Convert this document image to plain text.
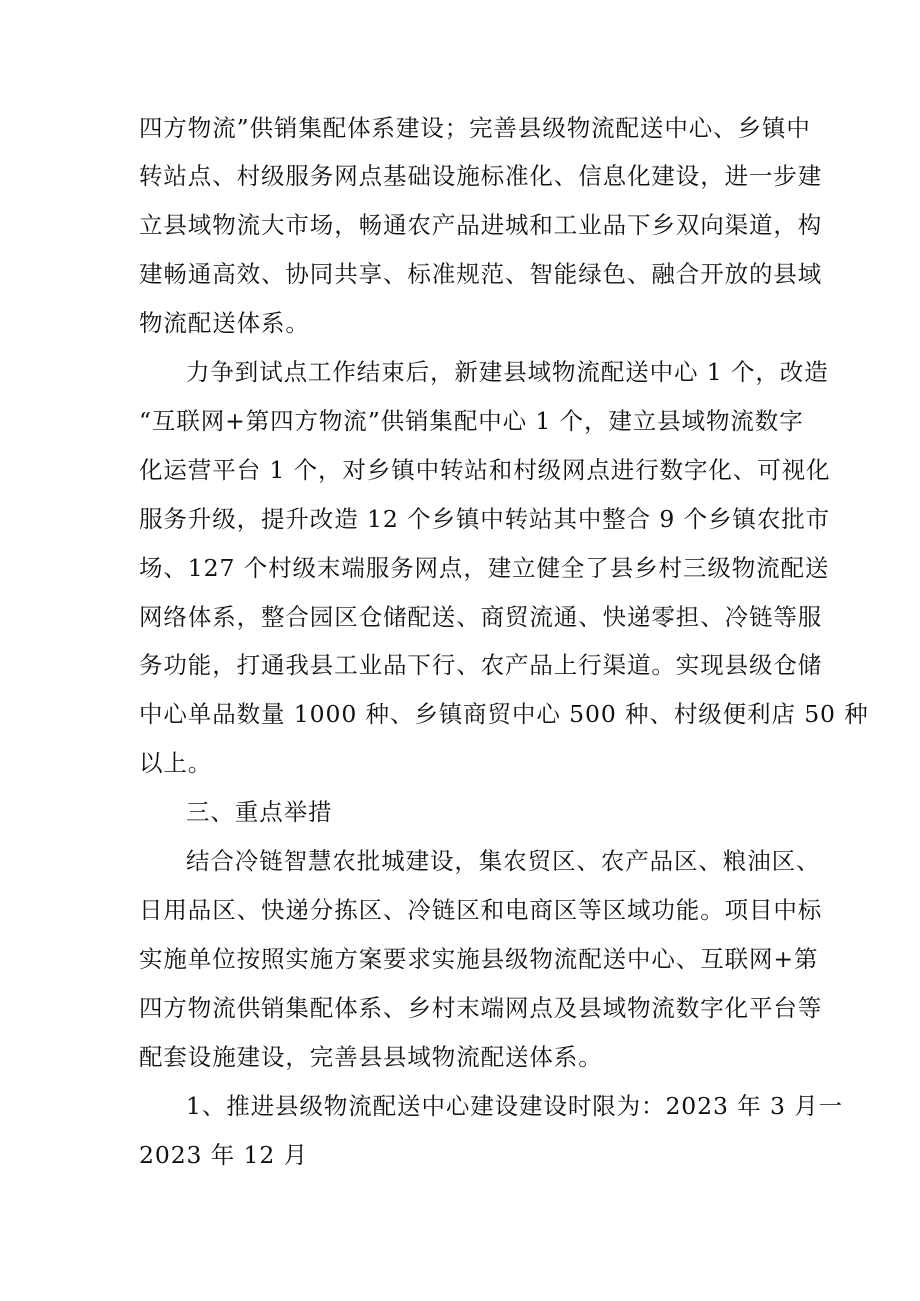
四方物流”供销集配体系建设；完善县级物流配送中心、乡镇中
转站点、村级服务网点基础设施标准化、信息化建设，进一步建
立县域物流大市场，畅通农产品进城和工业品下乡双向渠道，构
建畅通高效、协同共享、标准规范、智能绿色、融合开放的县域
物流配送体系。
力争到试点工作结束后，新建县域物流配送中心 1 个，改造
“互联网+第四方物流”供销集配中心 1 个，建立县域物流数字
化运营平台 1 个，对乡镇中转站和村级网点进行数字化、可视化
服务升级，提升改造 12 个乡镇中转站其中整合 9 个乡镇农批市
场、127 个村级末端服务网点，建立健全了县乡村三级物流配送
网络体系，整合园区仓储配送、商贸流通、快递零担、冷链等服
务功能，打通我县工业品下行、农产品上行渠道。实现县级仓储
中心单品数量 1000 种、乡镇商贸中心 500 种、村级便利店 50 种
以上。
三、重点举措
结合冷链智慧农批城建设，集农贸区、农产品区、粮油区、
日用品区、快递分拣区、冷链区和电商区等区域功能。项目中标
实施单位按照实施方案要求实施县级物流配送中心、互联网+第
四方物流供销集配体系、乡村末端网点及县域物流数字化平台等
配套设施建设，完善县县域物流配送体系。
1、推进县级物流配送中心建设建设时限为：2023 年 3 月一
2023 年 12 月
